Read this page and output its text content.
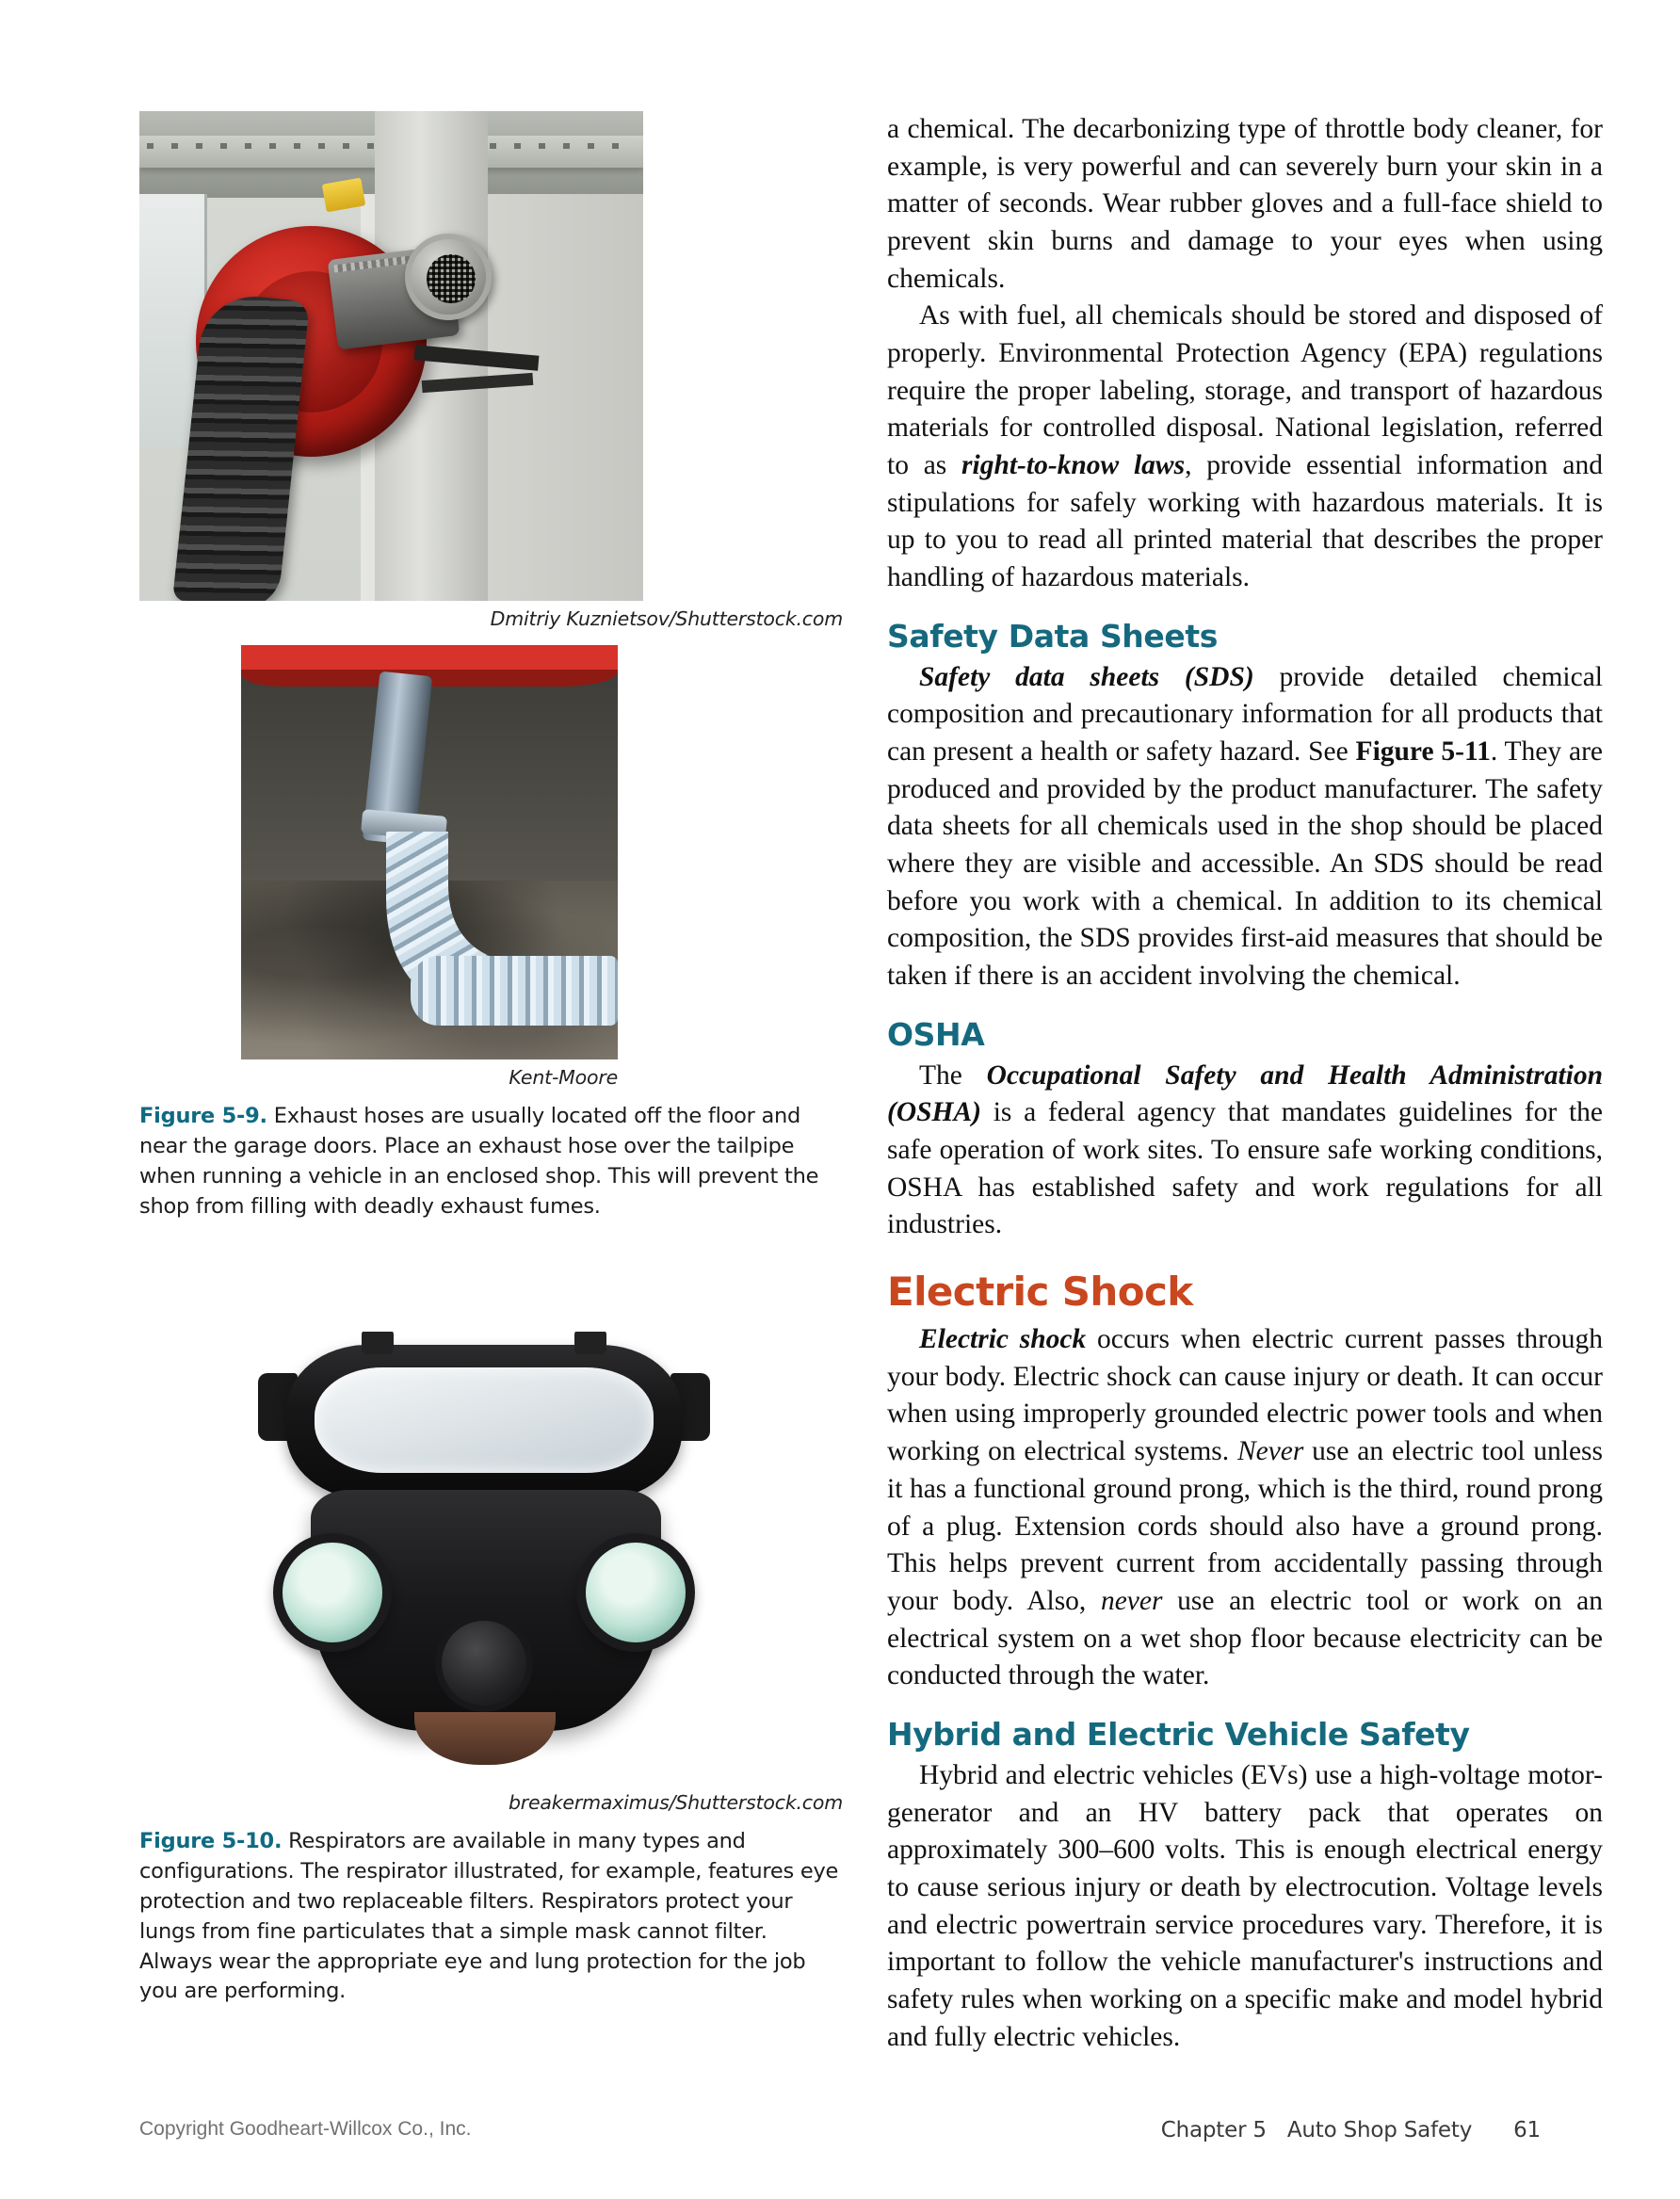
Dmitriy Kuznietsov/Shutterstock.com
Kent-Moore
Figure 5-9. Exhaust hoses are usually located off the floor and near the garage doors. Place an exhaust hose over the tailpipe when running a vehicle in an enclosed shop. This will prevent the shop from filling with deadly exhaust fumes.
breakermaximus/Shutterstock.com
Figure 5-10. Respirators are available in many types and configurations. The respirator illustrated, for example, features eye protection and two replaceable filters. Respirators protect your lungs from fine particulates that a simple mask cannot filter. Always wear the appropriate eye and lung protection for the job you are performing.

a chemical. The decarbonizing type of throttle body cleaner, for example, is very powerful and can severely burn your skin in a matter of seconds. Wear rubber gloves and a full-face shield to prevent skin burns and damage to your eyes when using chemicals.

As with fuel, all chemicals should be stored and disposed of properly. Environmental Protection Agency (EPA) regulations require the proper labeling, storage, and transport of hazardous materials for controlled disposal. National legislation, referred to as right-to-know laws, provide essential information and stipulations for safely working with hazardous materials. It is up to you to read all printed material that describes the proper handling of hazardous materials.

Safety Data Sheets

Safety data sheets (SDS) provide detailed chemical composition and precautionary information for all products that can present a health or safety hazard. See Figure 5-11. They are produced and provided by the product manufacturer. The safety data sheets for all chemicals used in the shop should be placed where they are visible and accessible. An SDS should be read before you work with a chemical. In addition to its chemical composition, the SDS provides first-aid measures that should be taken if there is an accident involving the chemical.

OSHA

The Occupational Safety and Health Administration (OSHA) is a federal agency that mandates guidelines for the safe operation of work sites. To ensure safe working conditions, OSHA has established safety and work regulations for all industries.

Electric Shock

Electric shock occurs when electric current passes through your body. Electric shock can cause injury or death. It can occur when using improperly grounded electric power tools and when working on electrical systems. Never use an electric tool unless it has a functional ground prong, which is the third, round prong of a plug. Extension cords should also have a ground prong. This helps prevent current from accidentally passing through your body. Also, never use an electric tool or work on an electrical system on a wet shop floor because electricity can be conducted through the water.

Hybrid and Electric Vehicle Safety

Hybrid and electric vehicles (EVs) use a high-voltage motor-generator and an HV battery pack that operates on approximately 300–600 volts. This is enough electrical energy to cause serious injury or death by electrocution. Voltage levels and electric powertrain service procedures vary. Therefore, it is important to follow the vehicle manufacturer's instructions and safety rules when working on a specific make and model hybrid and fully electric vehicles.

Copyright Goodheart-Willcox Co., Inc.	Chapter 5 Auto Shop Safety 61
